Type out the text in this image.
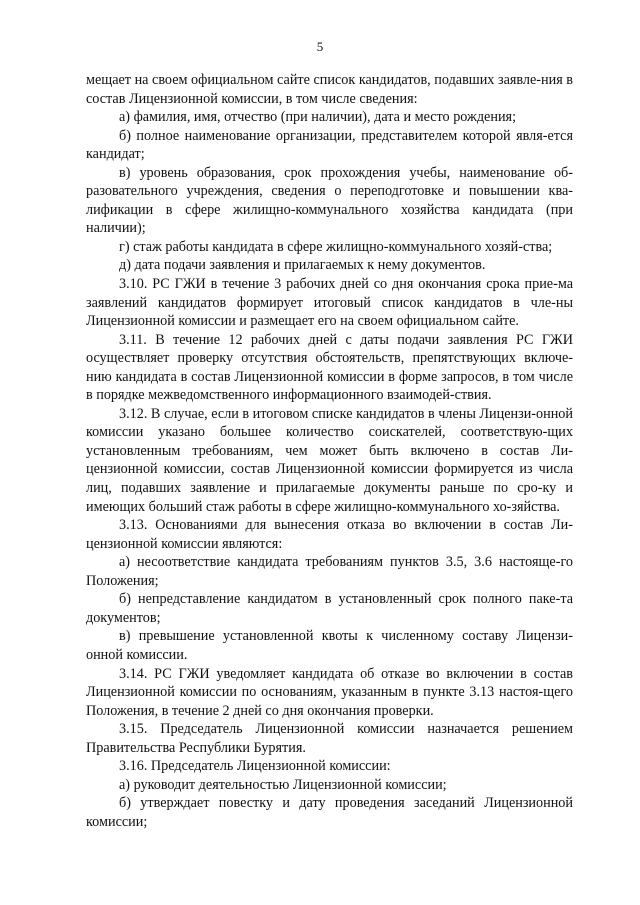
5

мещает на своем официальном сайте список кандидатов, подавших заявле-ния в состав Лицензионной комиссии, в том числе сведения:

а) фамилия, имя, отчество (при наличии), дата и место рождения;

б) полное наименование организации, представителем которой явля-ется кандидат;

в) уровень образования, срок прохождения учебы, наименование об-разовательного учреждения, сведения о переподготовке и повышении ква-лификации в сфере жилищно-коммунального хозяйства кандидата (при наличии);

г) стаж работы кандидата в сфере жилищно-коммунального хозяй-ства;

д) дата подачи заявления и прилагаемых к нему документов.

3.10. РС ГЖИ в течение 3 рабочих дней со дня окончания срока прие-ма заявлений кандидатов формирует итоговый список кандидатов в чле-ны Лицензионной комиссии и размещает его на своем официальном сайте.

3.11. В течение 12 рабочих дней с даты подачи заявления РС ГЖИ осуществляет проверку отсутствия обстоятельств, препятствующих включе-нию кандидата в состав Лицензионной комиссии в форме запросов, в том числе в порядке межведомственного информационного взаимодей-ствия.

3.12. В случае, если в итоговом списке кандидатов в члены Лицензи-онной комиссии указано большее количество соискателей, соответствую-щих установленным требованиям, чем может быть включено в состав Ли-цензионной комиссии, состав Лицензионной комиссии формируется из числа лиц, подавших заявление и прилагаемые документы раньше по сро-ку и имеющих больший стаж работы в сфере жилищно-коммунального хо-зяйства.

3.13. Основаниями для вынесения отказа во включении в состав Ли-цензионной комиссии являются:

а) несоответствие кандидата требованиям пунктов 3.5, 3.6 настояще-го Положения;

б) непредставление кандидатом в установленный срок полного паке-та документов;

в) превышение установленной квоты к численному составу Лицензи-онной комиссии.

3.14. РС ГЖИ уведомляет кандидата об отказе во включении в состав Лицензионной комиссии по основаниям, указанным в пункте 3.13 настоя-щего Положения, в течение 2 дней со дня окончания проверки.

3.15. Председатель Лицензионной комиссии назначается решением Правительства Республики Бурятия.

3.16. Председатель Лицензионной комиссии:

а) руководит деятельностью Лицензионной комиссии;

б) утверждает повестку и дату проведения заседаний Лицензионной комиссии;
